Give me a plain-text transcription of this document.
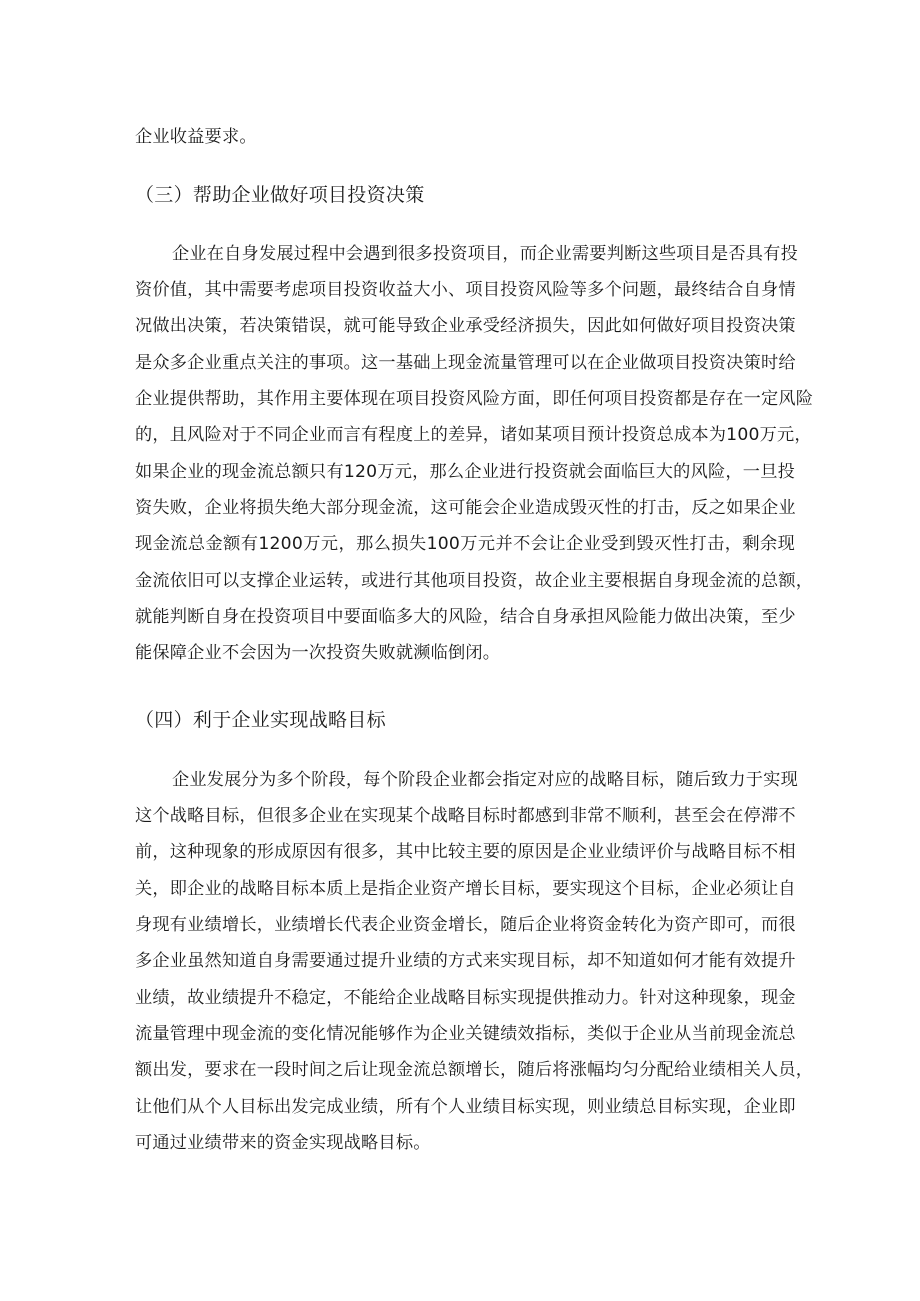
企业收益要求。
（三）帮助企业做好项目投资决策
企业在自身发展过程中会遇到很多投资项目，而企业需要判断这些项目是否具有投
资价值，其中需要考虑项目投资收益大小、项目投资风险等多个问题，最终结合自身情
况做出决策，若决策错误，就可能导致企业承受经济损失，因此如何做好项目投资决策
是众多企业重点关注的事项。这一基础上现金流量管理可以在企业做项目投资决策时给
企业提供帮助，其作用主要体现在项目投资风险方面，即任何项目投资都是存在一定风险
的，且风险对于不同企业而言有程度上的差异，诸如某项目预计投资总成本为100万元，
如果企业的现金流总额只有120万元，那么企业进行投资就会面临巨大的风险，一旦投
资失败，企业将损失绝大部分现金流，这可能会企业造成毁灭性的打击，反之如果企业
现金流总金额有1200万元，那么损失100万元并不会让企业受到毁灭性打击，剩余现
金流依旧可以支撑企业运转，或进行其他项目投资，故企业主要根据自身现金流的总额，
就能判断自身在投资项目中要面临多大的风险，结合自身承担风险能力做出决策，至少
能保障企业不会因为一次投资失败就濒临倒闭。
（四）利于企业实现战略目标
企业发展分为多个阶段，每个阶段企业都会指定对应的战略目标，随后致力于实现
这个战略目标，但很多企业在实现某个战略目标时都感到非常不顺利，甚至会在停滞不
前，这种现象的形成原因有很多，其中比较主要的原因是企业业绩评价与战略目标不相
关，即企业的战略目标本质上是指企业资产增长目标，要实现这个目标，企业必须让自
身现有业绩增长，业绩增长代表企业资金增长，随后企业将资金转化为资产即可，而很
多企业虽然知道自身需要通过提升业绩的方式来实现目标，却不知道如何才能有效提升
业绩，故业绩提升不稳定，不能给企业战略目标实现提供推动力。针对这种现象，现金
流量管理中现金流的变化情况能够作为企业关键绩效指标，类似于企业从当前现金流总
额出发，要求在一段时间之后让现金流总额增长，随后将涨幅均匀分配给业绩相关人员，
让他们从个人目标出发完成业绩，所有个人业绩目标实现，则业绩总目标实现，企业即
可通过业绩带来的资金实现战略目标。
